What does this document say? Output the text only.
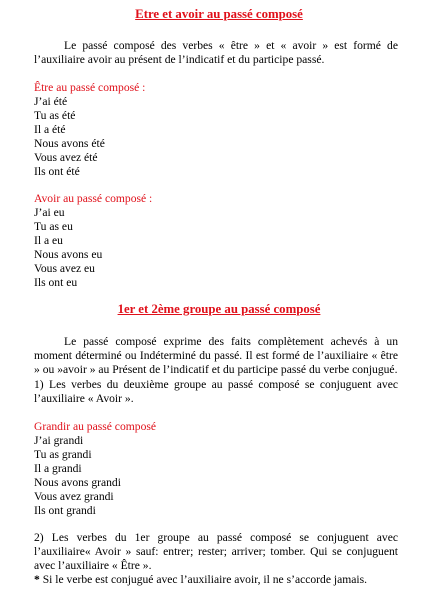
Etre et avoir au passé composé
Le passé composé des verbes « être » et « avoir » est formé de l’auxiliaire avoir au présent de l’indicatif et du participe passé.
Être au passé composé :
J’ai été
Tu as été
Il a été
Nous avons été
Vous avez été
Ils ont été
Avoir au passé composé :
J’ai eu
Tu as eu
Il a eu
Nous avons eu
Vous avez eu
Ils ont eu
1er et 2ème groupe au passé composé
Le passé composé exprime des faits complètement achevés à un moment déterminé ou Indéterminé du passé. Il est formé de l’auxiliaire « être » ou »avoir » au Présent de l’indicatif et du participe passé du verbe conjugué.
1) Les verbes du deuxième groupe au passé composé se conjuguent avec l’auxiliaire « Avoir ».
Grandir au passé composé
J’ai grandi
Tu as grandi
Il a grandi
Nous avons grandi
Vous avez grandi
Ils ont grandi
2) Les verbes du 1er groupe au passé composé se conjuguent avec l’auxiliaire« Avoir » sauf: entrer; rester; arriver; tomber. Qui se conjuguent avec l’auxiliaire « Être ».
* Si le verbe est conjugué avec l’auxiliaire avoir, il ne s’accorde jamais.
